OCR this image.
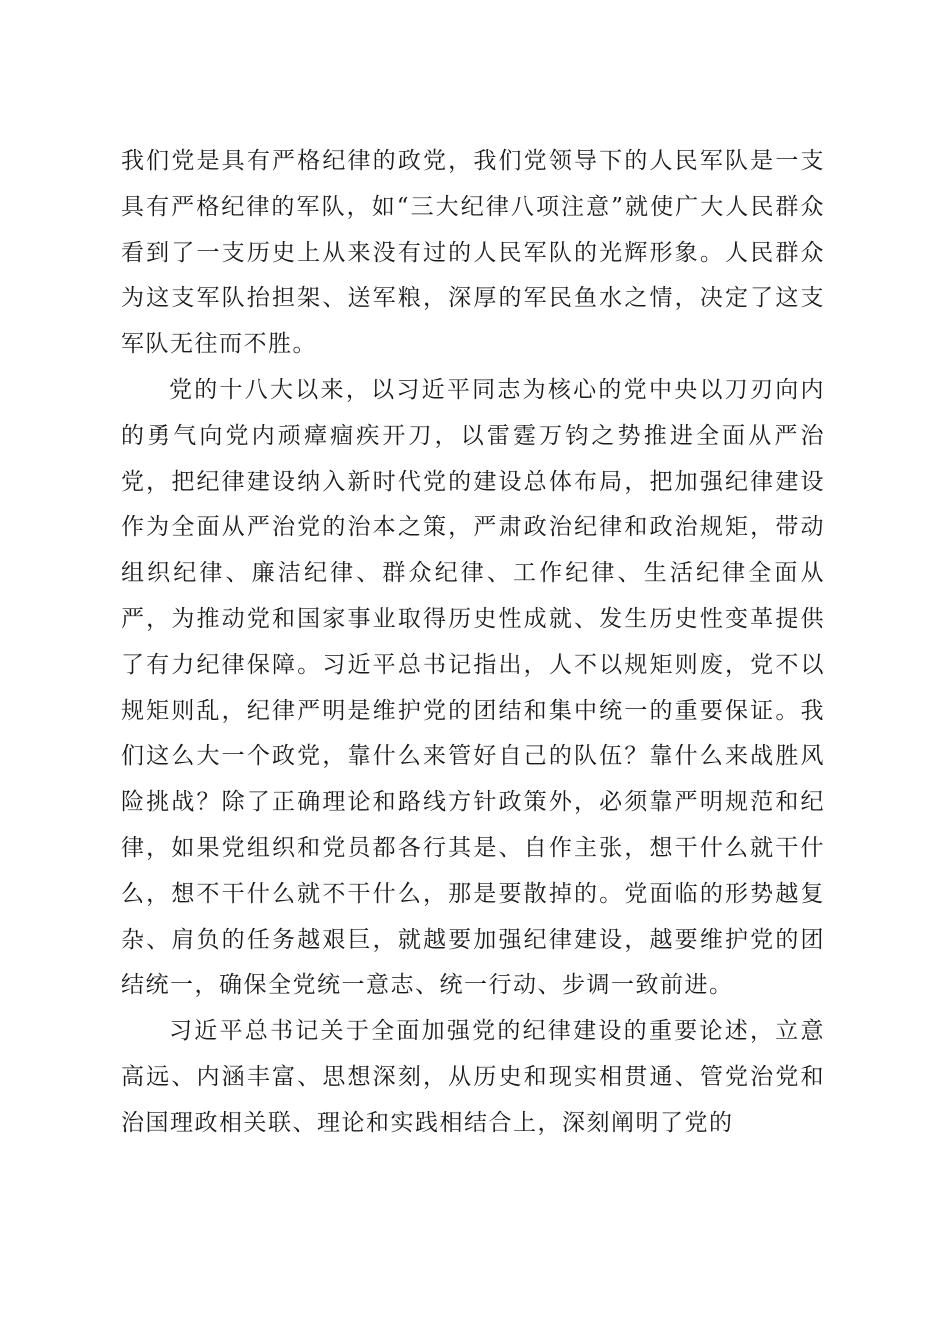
我们党是具有严格纪律的政党，我们党领导下的人民军队是一支具有严格纪律的军队，如“三大纪律八项注意”就使广大人民群众看到了一支历史上从来没有过的人民军队的光辉形象。人民群众为这支军队抬担架、送军粮，深厚的军民鱼水之情，决定了这支军队无往而不胜。

党的十八大以来，以习近平同志为核心的党中央以刀刃向内的勇气向党内顽瘴痼疾开刀，以雷霆万钧之势推进全面从严治党，把纪律建设纳入新时代党的建设总体布局，把加强纪律建设作为全面从严治党的治本之策，严肃政治纪律和政治规矩，带动组织纪律、廉洁纪律、群众纪律、工作纪律、生活纪律全面从严，为推动党和国家事业取得历史性成就、发生历史性变革提供了有力纪律保障。习近平总书记指出，人不以规矩则废，党不以规矩则乱，纪律严明是维护党的团结和集中统一的重要保证。我们这么大一个政党，靠什么来管好自己的队伍？靠什么来战胜风险挑战？除了正确理论和路线方针政策外，必须靠严明规范和纪律，如果党组织和党员都各行其是、自作主张，想干什么就干什么，想不干什么就不干什么，那是要散掉的。党面临的形势越复杂、肩负的任务越艰巨，就越要加强纪律建设，越要维护党的团结统一，确保全党统一意志、统一行动、步调一致前进。

习近平总书记关于全面加强党的纪律建设的重要论述，立意高远、内涵丰富、思想深刻，从历史和现实相贯通、管党治党和治国理政相关联、理论和实践相结合上，深刻阐明了党的
